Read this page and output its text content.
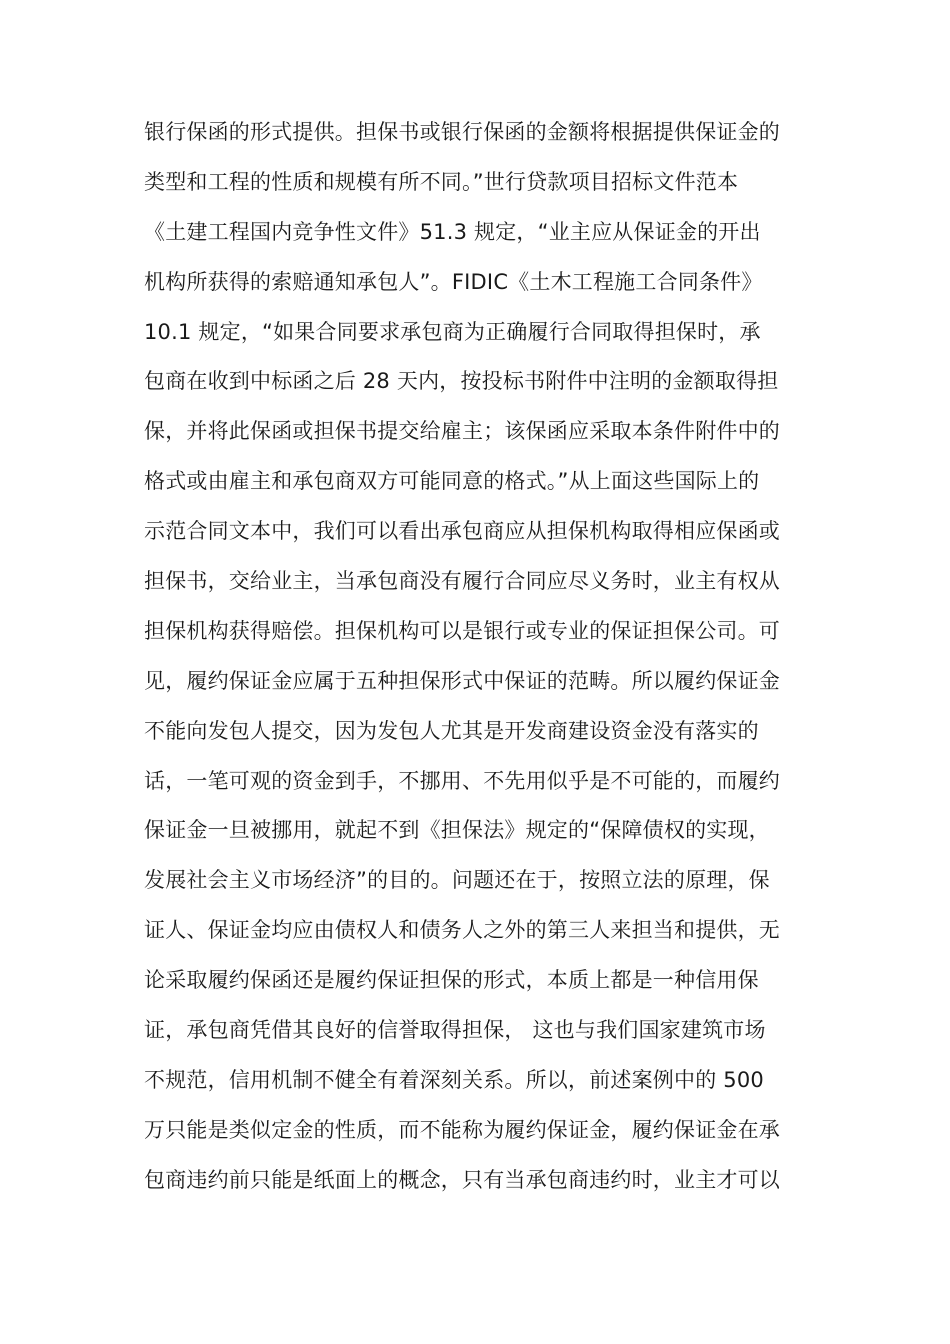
银行保函的形式提供。担保书或银行保函的金额将根据提供保证金的
类型和工程的性质和规模有所不同。”世行贷款项目招标文件范本
《土建工程国内竞争性文件》51.3 规定，“业主应从保证金的开出
机构所获得的索赔通知承包人”。FIDIC《土木工程施工合同条件》
10.1 规定，“如果合同要求承包商为正确履行合同取得担保时，承
包商在收到中标函之后 28 天内，按投标书附件中注明的金额取得担
保，并将此保函或担保书提交给雇主；该保函应采取本条件附件中的
格式或由雇主和承包商双方可能同意的格式。”从上面这些国际上的
示范合同文本中，我们可以看出承包商应从担保机构取得相应保函或
担保书，交给业主，当承包商没有履行合同应尽义务时，业主有权从
担保机构获得赔偿。担保机构可以是银行或专业的保证担保公司。可
见，履约保证金应属于五种担保形式中保证的范畴。所以履约保证金
不能向发包人提交，因为发包人尤其是开发商建设资金没有落实的
话，一笔可观的资金到手，不挪用、不先用似乎是不可能的，而履约
保证金一旦被挪用，就起不到《担保法》规定的“保障债权的实现，
发展社会主义市场经济”的目的。问题还在于，按照立法的原理，保
证人、保证金均应由债权人和债务人之外的第三人来担当和提供，无
论采取履约保函还是履约保证担保的形式，本质上都是一种信用保
证，承包商凭借其良好的信誉取得担保， 这也与我们国家建筑市场
不规范，信用机制不健全有着深刻关系。所以，前述案例中的 500
万只能是类似定金的性质，而不能称为履约保证金，履约保证金在承
包商违约前只能是纸面上的概念，只有当承包商违约时，业主才可以
